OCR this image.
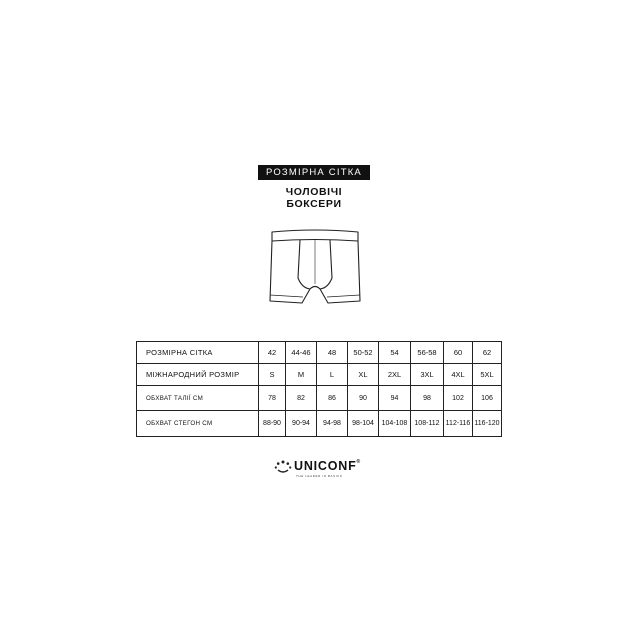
РОЗМІРНА СІТКА
ЧОЛОВІЧІ БОКСЕРИ
РОЗМІРНА СІТКА	42	44-46	48	50-52	54	56-58	60	62
МІЖНАРОДНИЙ РОЗМІР	S	M	L	XL	2XL	3XL	4XL	5XL
ОБХВАТ ТАЛІЇ СМ	78	82	86	90	94	98	102	106
ОБХВАТ СТЕГОН СМ	88-90	90-94	94-98	98-104	104-108	108-112	112-116	116-120
UNICONF®
THE LEADER IN BASICS
